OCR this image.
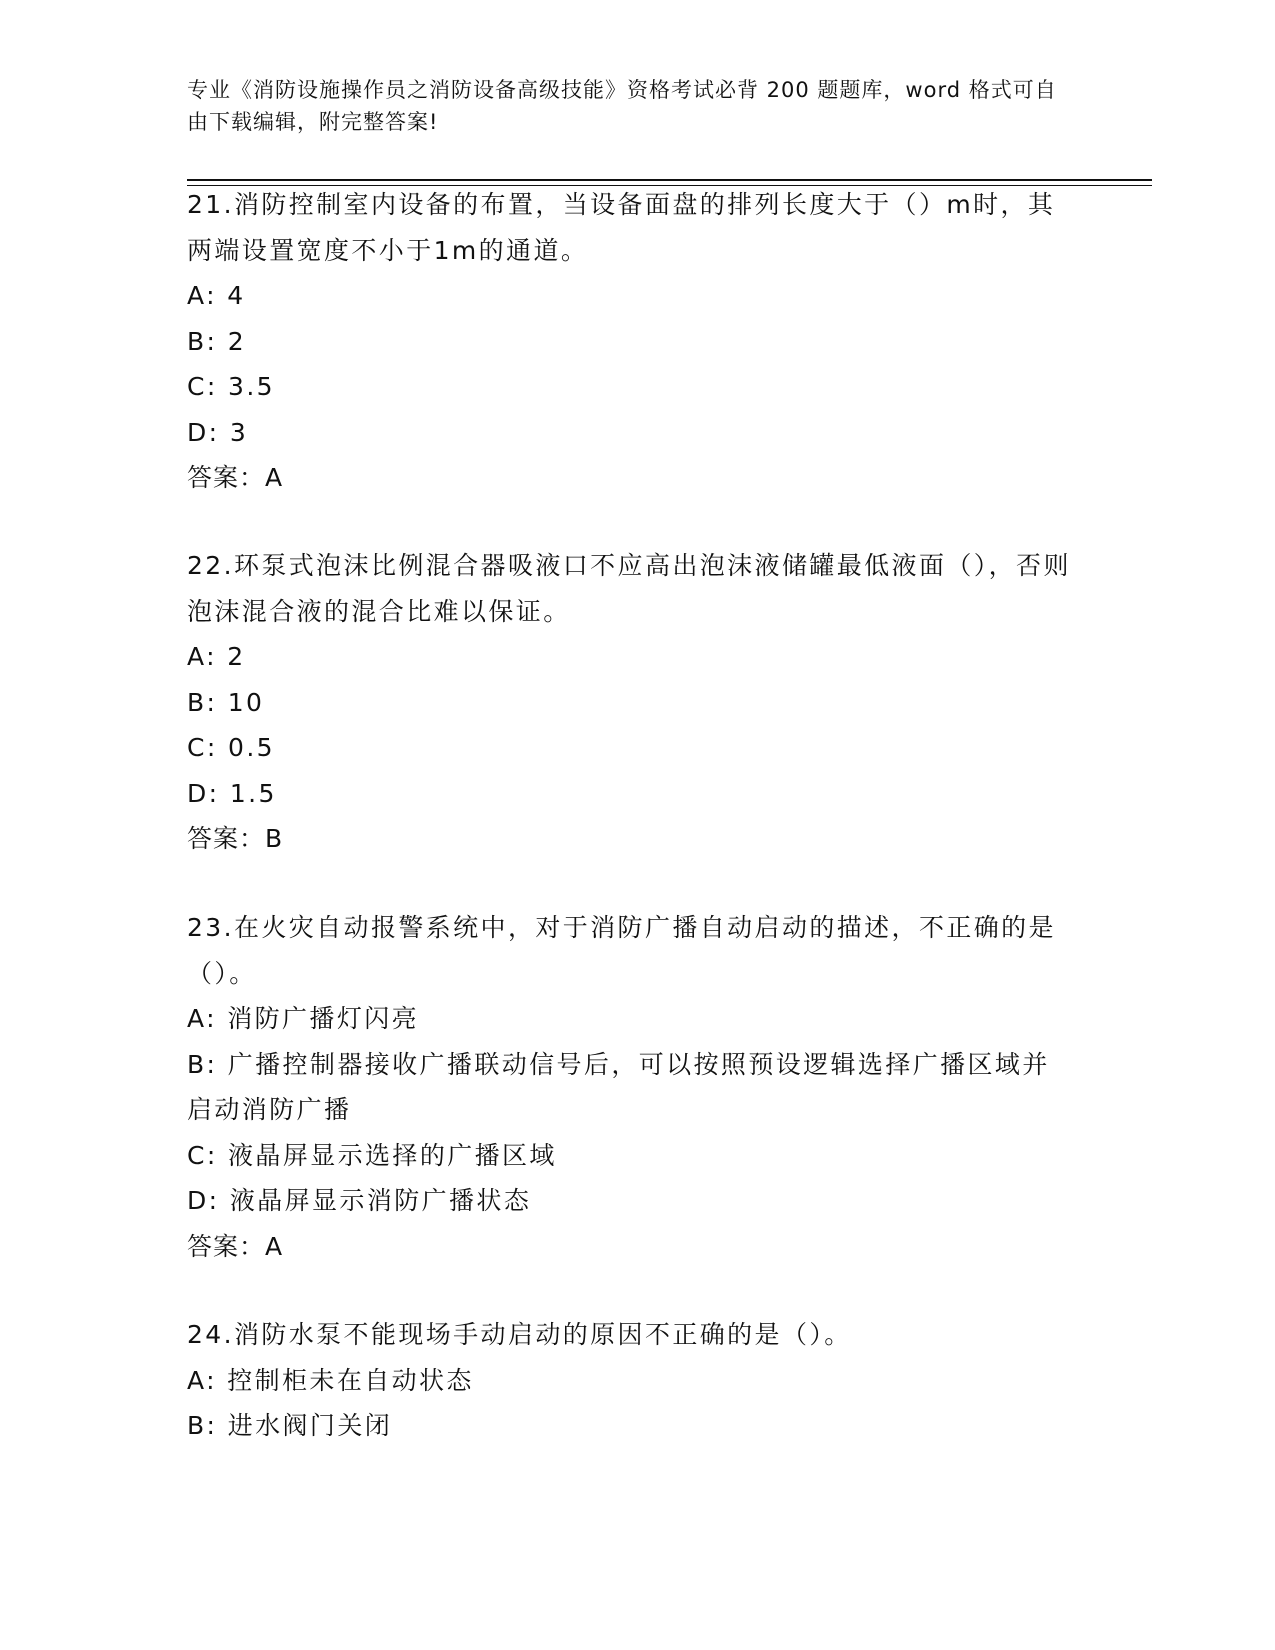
专业《消防设施操作员之消防设备高级技能》资格考试必背 200 题题库，word 格式可自由下载编辑，附完整答案!
21.消防控制室内设备的布置，当设备面盘的排列长度大于（）m时，其两端设置宽度不小于1m的通道。
A: 4
B: 2
C: 3.5
D: 3
答案：A
22.环泵式泡沫比例混合器吸液口不应高出泡沫液储罐最低液面（），否则泡沫混合液的混合比难以保证。
A: 2
B: 10
C: 0.5
D: 1.5
答案：B
23.在火灾自动报警系统中，对于消防广播自动启动的描述，不正确的是（）。
A: 消防广播灯闪亮
B: 广播控制器接收广播联动信号后，可以按照预设逻辑选择广播区域并启动消防广播
C: 液晶屏显示选择的广播区域
D: 液晶屏显示消防广播状态
答案：A
24.消防水泵不能现场手动启动的原因不正确的是（）。
A: 控制柜未在自动状态
B: 进水阀门关闭
